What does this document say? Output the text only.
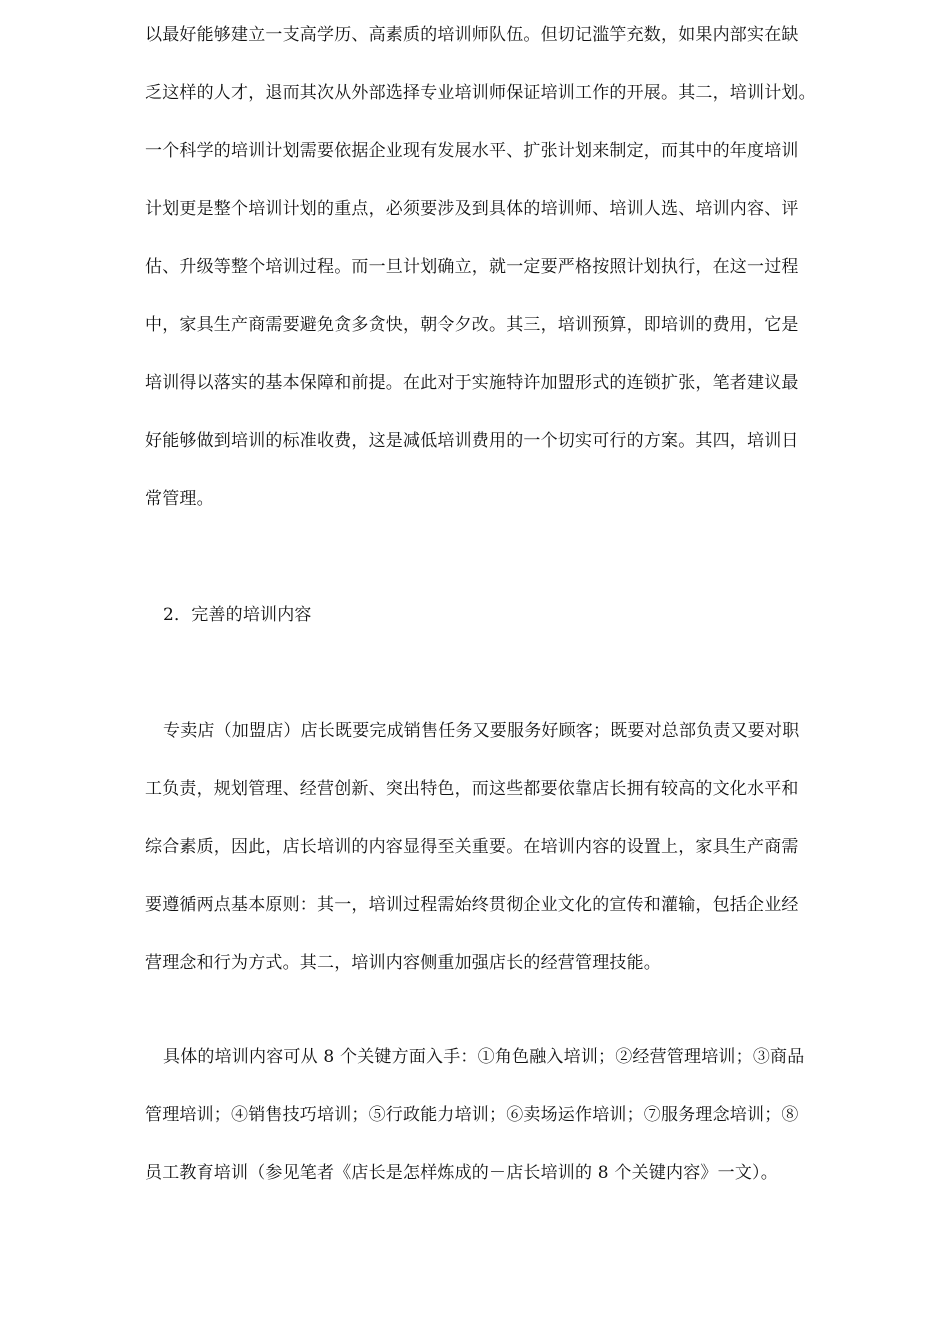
以最好能够建立一支高学历、高素质的培训师队伍。但切记滥竽充数，如果内部实在缺
乏这样的人才，退而其次从外部选择专业培训师保证培训工作的开展。其二，培训计划。
一个科学的培训计划需要依据企业现有发展水平、扩张计划来制定，而其中的年度培训
计划更是整个培训计划的重点，必须要涉及到具体的培训师、培训人选、培训内容、评
估、升级等整个培训过程。而一旦计划确立，就一定要严格按照计划执行，在这一过程
中，家具生产商需要避免贪多贪快，朝令夕改。其三，培训预算，即培训的费用，它是
培训得以落实的基本保障和前提。在此对于实施特许加盟形式的连锁扩张，笔者建议最
好能够做到培训的标准收费，这是减低培训费用的一个切实可行的方案。其四，培训日
常管理。
2．完善的培训内容
专卖店（加盟店）店长既要完成销售任务又要服务好顾客；既要对总部负责又要对职
工负责，规划管理、经营创新、突出特色，而这些都要依靠店长拥有较高的文化水平和
综合素质，因此，店长培训的内容显得至关重要。在培训内容的设置上，家具生产商需
要遵循两点基本原则：其一，培训过程需始终贯彻企业文化的宣传和灌输，包括企业经
营理念和行为方式。其二，培训内容侧重加强店长的经营管理技能。
具体的培训内容可从 8 个关键方面入手：①角色融入培训；②经营管理培训；③商品
管理培训；④销售技巧培训；⑤行政能力培训；⑥卖场运作培训；⑦服务理念培训；⑧
员工教育培训（参见笔者《店长是怎样炼成的－店长培训的 8 个关键内容》一文）。
